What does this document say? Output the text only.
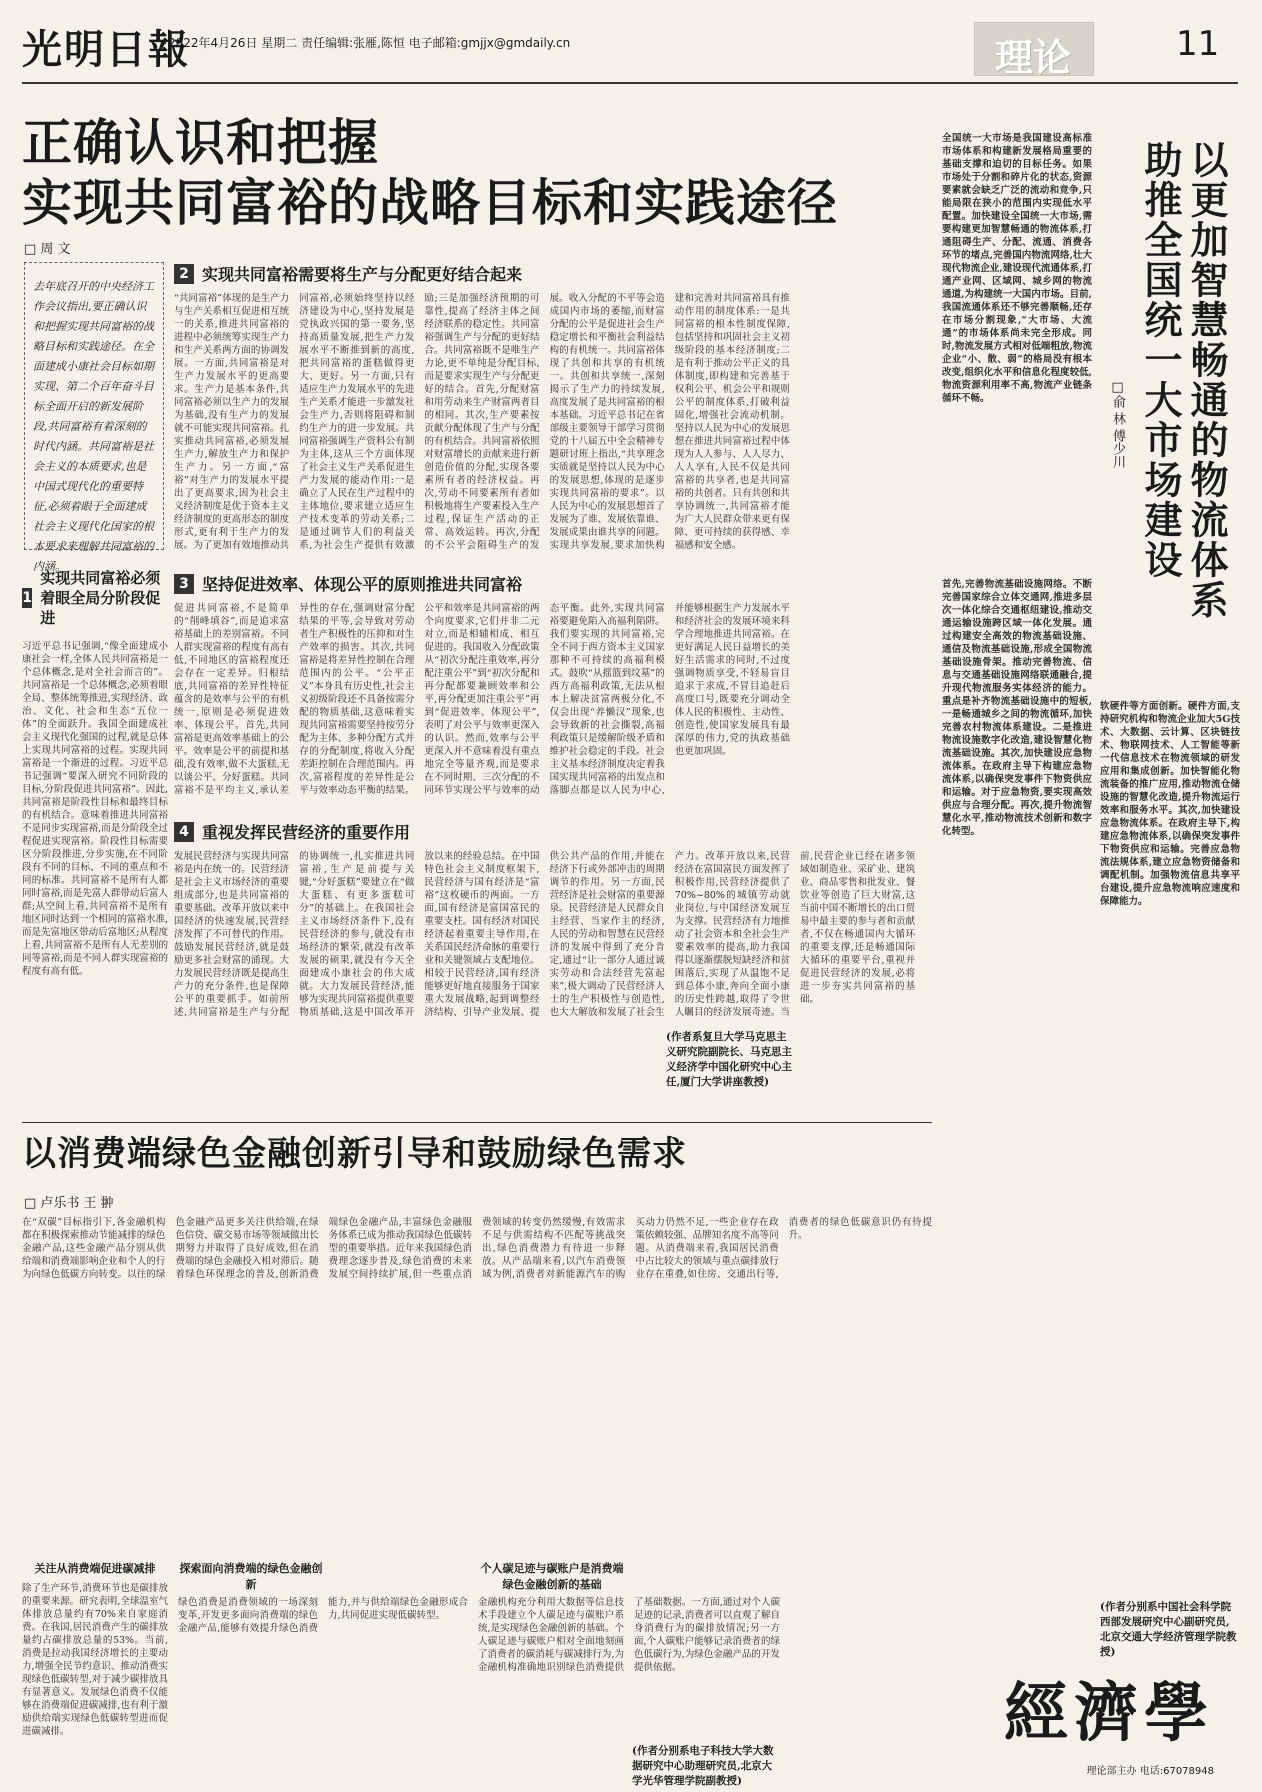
光明日報
2022年4月26日 星期二 责任编辑:张雁,陈恒 电子邮箱:gmjjx@gmdaily.cn	理论	11
正确认识和把握
实现共同富裕的战略目标和实践途径
□ 周 文
去年底召开的中央经济工作会议指出,要正确认识和把握实现共同富裕的战略目标和实践途径。在全面建成小康社会目标如期实现、第二个百年奋斗目标全面开启的新发展阶段,共同富裕有着深刻的时代内涵。共同富裕是社会主义的本质要求,也是中国式现代化的重要特征,必须着眼于全面建成社会主义现代化国家的根本要求来理解共同富裕的内涵。
1
实现共同富裕必须着眼全局分阶段促进
习近平总书记强调,“像全面建成小康社会一样,全体人民共同富裕是一个总体概念,是对全社会而言的”。共同富裕是一个总体概念,必须着眼全局、整体统筹推进,实现经济、政治、文化、社会和生态“五位一体”的全面跃升。我国全面建成社会主义现代化强国的过程,就是总体上实现共同富裕的过程。实现共同富裕是一个渐进的过程。习近平总书记强调“要深入研究不同阶段的目标,分阶段促进共同富裕”。因此,共同富裕是阶段性目标和最终目标的有机结合。意味着推进共同富裕不是同步实现富裕,而是分阶段全过程促进实现富裕。阶段性目标需要区分阶段推进,分步实施,在不同阶段有不同的目标、不同的重点和不同的标准。共同富裕不是所有人都同时富裕,而是先富人群带动后富人群;从空间上看,共同富裕不是所有地区同时达到一个相同的富裕水准,而是先富地区带动后富地区;从程度上看,共同富裕不是所有人无差别的同等富裕,而是不同人群实现富裕的程度有高有低。
2 实现共同富裕需要将生产与分配更好结合起来
“共同富裕”体现的是生产力与生产关系相互促进相互统一的关系,推进共同富裕的进程中必须统筹实现生产力和生产关系两方面的协调发展。一方面,共同富裕是对生产力发展水平的更高要求。生产力是基本条件,共同富裕必须以生产力的发展为基础,没有生产力的发展就不可能实现共同富裕。扎实推动共同富裕,必须发展生产力,解放生产力和保护生产力。另一方面,“富裕”对生产力的发展水平提出了更高要求,因为社会主义经济制度是优于资本主义经济制度的更高形态的制度形式,更有利于生产力的发展。为了更加有效地推动共同富裕,必须始终坚持以经济建设为中心,坚持发展是党执政兴国的第一要务,坚持高质量发展,把生产力发展水平不断推到新的高度,把共同富裕的蛋糕做得更大、更好。另一方面,只有适应生产力发展水平的先进生产关系才能进一步激发社会生产力,否则将阻碍和制约生产力的进一步发展。共同富裕强调生产资料公有制为主体,这从三个方面体现了社会主义生产关系促进生产力发展的能动作用:一是确立了人民在生产过程中的主体地位,要求建立适应生产技术变革的劳动关系;二是通过调节人们的利益关系,为社会生产提供有效激励;三是加强经济预期的可靠性,提高了经济主体之间经济联系的稳定性。共同富裕强调生产与分配的更好结合。共同富裕既不是唯生产力论,更不单纯是分配目标,而是要求实现生产与分配更好的结合。首先,分配财富和用劳动来生产财富两者目的相同。其次,生产要素按贡献分配体现了生产与分配的有机结合。共同富裕依照对财富增长的贡献来进行新创造价值的分配,实现各要素所有者的经济权益。再次,劳动不同要素所有者如积极地将生产要素投入生产过程,保证生产活动的正常、高效运转。再次,分配的不公平会阻碍生产的发展。收入分配的不平等会造成国内市场的萎缩,而财富分配的公平是促进社会生产稳定增长和平衡社会利益结构的有机统一。共同富裕体现了共创和共享的有机统一。共创和共享统一,深刻揭示了生产力的持续发展,高度发展了是共同富裕的根本基础。习近平总书记在省部级主要领导干部学习贯彻党的十八届五中全会精神专题研讨班上指出,“共享理念实质就是坚持以人民为中心的发展思想,体现的是逐步实现共同富裕的要求”。以人民为中心的发展思想首了发展为了谁、发展依靠谁、发展成果由谁共享的问题。实现共享发展,要求加快构建和完善对共同富裕具有推动作用的制度体系:一是共同富裕的根本性制度保障,包括坚持和巩固社会主义初级阶段的基本经济制度;二是有利于推动公平正义的具体制度,即构建和完善基于权利公平、机会公平和规则公平的制度体系,打破利益固化,增强社会流动机制。坚持以人民为中心的发展思想在推进共同富裕过程中体现为人人参与、人人尽力、人人享有,人民不仅是共同富裕的共享者,也是共同富裕的共创者。只有共创和共享协调统一,共同富裕才能为广大人民群众带来更有保障、更可持续的获得感、幸福感和安全感。
3 坚持促进效率、体现公平的原则推进共同富裕
促进共同富裕,不是简单的“削峰填谷”,而是追求富裕基础上的差别富裕。不同人群实现富裕的程度有高有低,不同地区的富裕程度还会存在一定差异。归根结底,共同富裕的差异性特征蕴含的是效率与公平的有机统一,原则是必须促进效率、体现公平。首先,共同富裕是更高效率基础上的公平。效率是公平的前提和基础,没有效率,做不大蛋糕,无以谈公平、分好蛋糕。共同富裕不是平均主义,承认差异性的存在,强调财富分配结果的平等,会导致对劳动者生产积极性的压抑和对生产效率的损害。其次,共同富裕是将差异性控制在合理范围内的公平。“公平正义”本身具有历史性,社会主义初级阶段还不具备按需分配的物质基础,这意味着实现共同富裕需要坚持按劳分配为主体、多种分配方式并存的分配制度,将收入分配差距控制在合理范围内。再次,富裕程度的差异性是公平与效率动态平衡的结果。公平和效率是共同富裕的两个向度要求,它们并非二元对立,而是相辅相成、相互促进的。我国收入分配政策从“初次分配注重效率,再分配注重公平”到“初次分配和再分配都要兼顾效率和公平,再分配更加注重公平”再到“促进效率、体现公平”,表明了对公平与效率更深入的认识。然而,效率与公平更深入并不意味着没有重点地完全等量齐观,而是要求在不同时期、三次分配的不同环节实现公平与效率的动态平衡。此外,实现共同富裕要避免陷入高福利陷阱。我们要实现的共同富裕,完全不同于西方资本主义国家那种不可持续的高福利模式。鼓吹“从摇篮到坟墓”的西方高福利政策,无法从根本上解决贫富两极分化,不仅会出现“养懒汉”现象,也会导致新的社会撕裂,高福利政策只是缓解阶级矛盾和维护社会稳定的手段。社会主义基本经济制度决定着我国实现共同富裕的出发点和落脚点都是以人民为中心,并能够根据生产力发展水平和经济社会的发展环境来科学合理地推进共同富裕。在更好满足人民日益增长的美好生活需求的同时,不过度强调物质享受,不轻易盲目追求于求成,不冒目追赶后高度口号,既要充分调动全体人民的积极性、主动性、创造性,使国家发展具有最深厚的伟力,党的执政基础也更加巩固。
4 重视发挥民营经济的重要作用
发展民营经济与实现共同富裕是内在统一的。民营经济是社会主义市场经济的重要组成部分,也是共同富裕的重要基础。改革开放以来中国经济的快速发展,民营经济发挥了不可替代的作用。鼓励发展民营经济,就是鼓励更多社会财富的涌现。大力发展民营经济既是提高生产力的充分条件,也是保障公平的重要抓手。如前所述,共同富裕是生产与分配的协调统一,扎实推进共同富裕,生产是前提与关键,“分好蛋糕”要建立在“做大蛋糕、有更多蛋糕可分”的基础上。在我国社会主义市场经济条件下,没有民营经济的参与,就没有市场经济的繁荣,就没有改革发展的硕果,就没有今天全面建成小康社会的伟大成就。大力发展民营经济,能够为实现共同富裕提供重要物质基础,这是中国改革开放以来的经验总结。在中国特色社会主义制度框架下,民营经济与国有经济是“富裕”这枚硬币的两面。一方面,国有经济是富国富民的重要支柱。国有经济对国民经济起着重要主导作用,在关系国民经济命脉的重要行业和关键领域占支配地位。相较于民营经济,国有经济能够更好地直接服务于国家重大发展战略,起到调整经济结构、引导产业发展、提供公共产品的作用,并能在经济下行或外部冲击的周期调节的作用。另一方面,民营经济是社会财富的重要源泉。民营经济是人民群众自主经营、当家作主的经济,人民的劳动和智慧在民营经济的发展中得到了充分肯定,通过“让一部分人通过诚实劳动和合法经营先富起来”,极大调动了民营经济人士的生产积极性与创造性,也大大解放和发展了社会生产力。改革开放以来,民营经济在富国富民方面发挥了积极作用,民营经济提供了70%~80%的城镇劳动就业岗位,与中国经济发展互为支撑。民营经济有力地推动了社会资本和全社会生产要素效率的提高,助力我国得以逐渐摆脱短缺经济和贫困落后,实现了从温饱不足到总体小康,奔向全面小康的历史性跨越,取得了令世人瞩目的经济发展奇迹。当前,民营企业已经在诸多领域如制造业、采矿业、建筑业、商品零售和批发业、餐饮业等创造了巨大财富,这当前中国不断增长的出口贸易中最主要的参与者和贡献者,不仅在畅通国内大循环的重要支撑,还是畅通国际大循环的重要平台,重视并促进民营经济的发展,必将进一步夯实共同富裕的基础。
(作者系复旦大学马克思主义研究院副院长、马克思主义经济学中国化研究中心主任,厦门大学讲座教授)
以更加智慧畅通的物流体系
助推全国统一大市场建设
□俞 林 傅少川
全国统一大市场是我国建设高标准市场体系和构建新发展格局重要的基础支撑和迫切的目标任务。如果市场处于分割和碎片化的状态,资源要素就会缺乏广泛的流动和竞争,只能局限在狭小的范围内实现低水平配置。加快建设全国统一大市场,需要构建更加智慧畅通的物流体系,打通阻碍生产、分配、流通、消费各环节的堵点,完善国内物流网络,壮大现代物流企业,建设现代流通体系,打通产业网、区域网、城乡网的物流通道,为构建统一大国内市场。目前,我国流通体系还不够完善顺畅,还存在市场分割现象,“大市场、大流通”的市场体系尚未完全形成。同时,物流发展方式相对低端粗放,物流企业“小、散、弱”的格局没有根本改变,组织化水平和信息化程度较低,物流资源利用率不高,物流产业链条循环不畅。
首先,完善物流基础设施网络。不断完善国家综合立体交通网,推进多层次一体化综合交通枢纽建设,推动交通运输设施跨区域一体化发展。通过构建安全高效的物流基础设施、通信及物流基础设施,形成全国物流基础设施骨架。推动完善物流、信息与交通基础设施网络联通融合,提升现代物流服务实体经济的能力。重点是补齐物流基础设施中的短板,一是畅通城乡之间的物流循环,加快完善农村物流体系建设。二是推进物流设施数字化改造,建设智慧化物流基础设施。其次,加快建设应急物流体系。在政府主导下构建应急物流体系,以确保突发事件下物资供应和运输。对于应急物资,要实现高效供应与合理分配。再次,提升物流智慧化水平,推动物流技术创新和数字化转型。
软硬件等方面创新。硬件方面,支持研究机构和物流企业加大5G技术、大数据、云计算、区块链技术、物联网技术、人工智能等新一代信息技术在物流领域的研发应用和集成创新。加快智能化物流装备的推广应用,推动物流仓储设施的智慧化改造,提升物流运行效率和服务水平。其次,加快建设应急物流体系。在政府主导下,构建应急物流体系,以确保突发事件下物资供应和运输。完善应急物流法规体系,建立应急物资储备和调配机制。加强物流信息共享平台建设,提升应急物流响应速度和保障能力。
(作者分别系中国社会科学院西部发展研究中心副研究员,北京交通大学经济管理学院教授)
以消费端绿色金融创新引导和鼓励绿色需求
□ 卢乐书 王 翀
在“双碳”目标指引下,各金融机构都在积极探索推动节能减排的绿色金融产品,这些金融产品分别从供给端和消费端影响企业和个人的行为向绿色低碳方向转变。以往的绿色金融产品更多关注供给端,在绿色信贷、碳交易市场等领域做出长期努力并取得了良好成效,但在消费端的绿色金融投入相对滞后。随着绿色环保理念的普及,创新消费端绿色金融产品,丰富绿色金融服务体系已成为推动我国绿色低碳转型的重要举措。近年来我国绿色消费理念逐步普及,绿色消费的未来发展空间持续扩展,但一些重点消费领域的转变仍然缓慢,有效需求不足与供需结构不匹配等挑战突出,绿色消费潜力有待进一步释放。从产品端来看,以汽车消费领域为例,消费者对新能源汽车的购买动力仍然不足,一些企业存在政策依赖较强、品牌知名度不高等问题。从消费端来看,我国居民消费中占比较大的领域与重点碳排放行业存在重叠,如住房、交通出行等,消费者的绿色低碳意识仍有待提升。
关注从消费端促进碳减排
除了生产环节,消费环节也是碳排放的重要来源。研究表明,全球温室气体排放总量约有70%来自家庭消费。在我国,居民消费产生的碳排放量约占碳排放总量的53%。当前,消费是拉动我国经济增长的主要动力,增强全民节约意识、推动消费实现绿色低碳转型,对于减少碳排放具有显著意义。发展绿色消费不仅能够在消费端促进碳减排,也有利于激励供给端实现绿色低碳转型进而促进碳减排。
探索面向消费端的绿色金融创新
绿色消费是消费领域的一场深刻变革,开发更多面向消费端的绿色金融产品,能够有效提升绿色消费能力,并与供给端绿色金融形成合力,共同促进实现低碳转型。
个人碳足迹与碳账户是消费端绿色金融创新的基础
金融机构充分利用大数据等信息技术手段建立个人碳足迹与碳账户系统,是实现绿色金融创新的基础。个人碳足迹与碳账户相对全面地刻画了消费者的碳消耗与碳减排行为,为金融机构准确地识别绿色消费提供了基础数据。一方面,通过对个人碳足迹的记录,消费者可以直观了解自身消费行为的碳排放情况;另一方面,个人碳账户能够记录消费者的绿色低碳行为,为绿色金融产品的开发提供依据。
(作者分别系电子科技大学大数据研究中心助理研究员,北京大学光华管理学院副教授)
經濟學
理论部主办 电话:67078948
